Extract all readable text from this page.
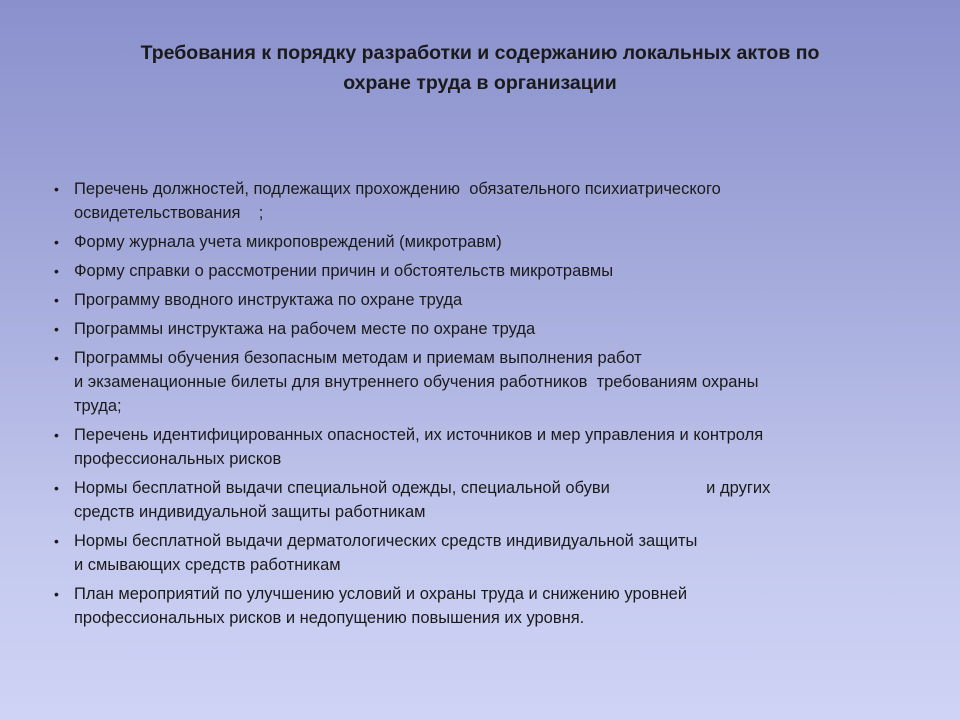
Требования к порядку разработки и содержанию локальных актов по
охране труда в организации
• Перечень должностей, подлежащих прохождению  обязательного психиатрического
освидетельствования    ;
• Форму журнала учета микроповреждений (микротравм)
• Форму справки о рассмотрении причин и обстоятельств микротравмы
• Программу вводного инструктажа по охране труда
• Программы инструктажа на рабочем месте по охране труда
• Программы обучения безопасным методам и приемам выполнения работ
и экзаменационные билеты для внутреннего обучения работников  требованиям охраны
труда;
• Перечень идентифицированных опасностей, их источников и мер управления и контроля
профессиональных рисков
• Нормы бесплатной выдачи специальной одежды, специальной обуви                     и других
средств индивидуальной защиты работникам
• Нормы бесплатной выдачи дерматологических средств индивидуальной защиты
и смывающих средств работникам
• План мероприятий по улучшению условий и охраны труда и снижению уровней
профессиональных рисков и недопущению повышения их уровня.
